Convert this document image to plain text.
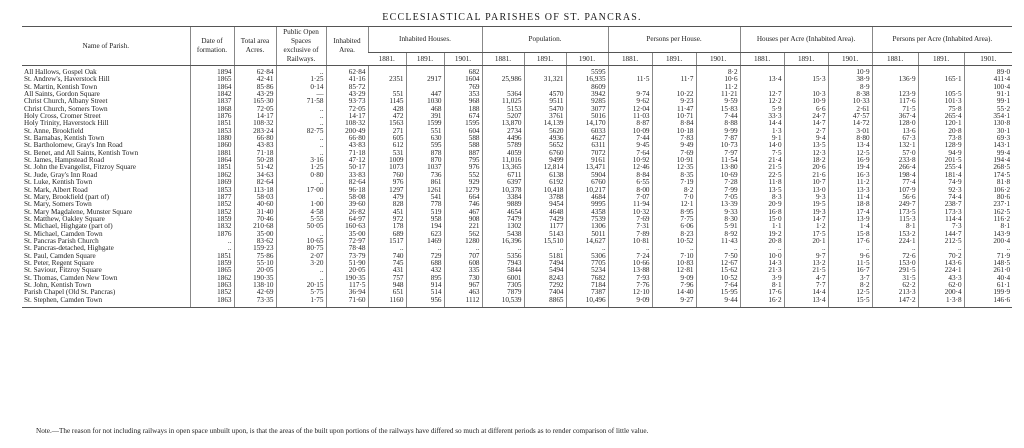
ECCLESIASTICAL PARISHES OF ST. PANCRAS.
Name of Parish.	Date of formation.	Total area Acres.	Public Open Spaces exclusive of Railways.	Inhabited Area.	Inhabited Houses.			Population.			Persons per House.			Houses per Acre (Inhabited Area).			Persons per Acre (Inhabited Area).		
					1881.	1891.	1901.	1881.	1891.	1901.	1881.	1891.	1901.	1881.	1891.	1901.	1881.	1891.	1901.
All Hallows, Gospel Oak	1894	62·84	..	62·84			682			5595			8·2			10·9			89·0
St. Andrew's, Haverstock Hill	1865	42·41	1·25	41·16	2351	2917	1604	25,986	31,321	16,935	11·5	11·7	10·6	13·4	15·3	38·9	136·9	165·1	411·4
St. Martin, Kentish Town	1864	85·86	0·14	85·72			769			8609			11·2			8·9			100·4
All Saints, Gordon Square	1842	43·29	—	43·29	551	447	353	5364	4570	3942	9·74	10·22	11·21	12·7	10·3	8·38	123·9	105·5	91·1
Christ Church, Albany Street	1837	165·30	71·58	93·73	1145	1030	968	11,025	9511	9285	9·62	9·23	9·59	12·2	10·9	10·33	117·6	101·3	99·1
Christ Church, Somers Town	1868	72·05	..	72·05	428	468	188	5153	5470	3077	12·04	11·47	15·83	5·9	6·6	2·61	71·5	75·8	55·2
Holy Cross, Cromer Street	1876	14·17	..	14·17	472	391	674	5207	3761	5016	11·03	10·71	7·44	33·3	24·7	47·57	367·4	265·4	354·1
Holy Trinity, Haverstock Hill	1851	108·32	..	108·32	1563	1599	1595	13,870	14,139	14,170	8·87	8·84	8·88	14·4	14·7	14·72	128·0	120·1	130·8
St. Anne, Brookfield	1853	283·24	82·75	200·49	271	551	604	2734	5620	6033	10·09	10·18	9·99	1·3	2·7	3·01	13·6	20·8	30·1
St. Barnabas, Kentish Town	1880	66·80	..	66·80	605	630	588	4496	4936	4627	7·44	7·83	7·87	9·1	9·4	8·80	67·3	73·8	69·3
St. Bartholomew, Gray's Inn Road	1860	43·83	..	43·83	612	595	588	5789	5652	6311	9·45	9·49	10·73	14·0	13·5	13·4	132·1	128·9	143·1
St. Benet, and All Saints, Kentish Town	1881	71·18	..	71·18	531	878	887	4059	6760	7072	7·64	7·69	7·97	7·5	12·3	12·5	57·0	94·9	99·4
St. James, Hampstead Road	1864	50·28	3·16	47·12	1009	870	795	11,016	9499	9161	10·92	10·91	11·54	21·4	18·2	16·9	233·8	201·5	194·4
St. John the Evangelist, Fitzroy Square	1851	51·42	1·25	50·17	1073	1037	976	13,365	12,814	13,471	12·46	12·35	13·80	21·5	20·6	19·4	266·4	255·4	268·5
St. Jude, Gray's Inn Road	1862	34·63	0·80	33·83	760	736	552	6711	6138	5904	8·84	8·35	10·69	22·5	21·6	16·3	198·4	181·4	174·5
St. Luke, Kentish Town	1869	82·64	..	82·64	976	861	929	6397	6192	6760	6·55	7·19	7·28	11·8	10·7	11·2	77·4	74·9	81·8
St. Mark, Albert Road	1853	113·18	17·00	96·18	1297	1261	1279	10,378	10,418	10,217	8·00	8·2	7·99	13·5	13·0	13·3	107·9	92·3	106·2
St. Mary, Brookfield (part of)	1877	58·03	..	58·08	479	541	664	3384	3788	4684	7·07	7·0	7·05	8·3	9·3	11·4	56·6	74·4	80·6
St. Mary, Somers Town	1852	40·60	1·00	39·60	828	778	746	9889	9454	9995	11·94	12·1	13·39	20·9	19·5	18·8	249·7	238·7	237·1
St. Mary Magdalene, Munster Square	1852	31·40	4·58	26·82	451	519	467	4654	4648	4358	10·32	8·95	9·33	16·8	19·3	17·4	173·5	173·3	162·5
St. Matthew, Oakley Square	1859	70·46	5·55	64·97	972	958	908	7479	7429	7539	7·69	7·75	8·30	15·0	14·7	13·9	115·3	114·4	116·2
St. Michael, Highgate (part of)	1832	210·68	50·05	160·63	178	194	221	1302	1177	1306	7·31	6·06	5·91	1·1	1·2	1·4	8·1	7·3	8·1
St. Michael, Camden Town	1876	35·00	..	35·00	689	623	562	5438	5143	5011	7·89	8·23	8·92	19·2	17·5	15·8	153·2	144·7	143·9
St. Pancras Parish Church	..	83·62	10·65	72·97	1517	1469	1280	16,396	15,510	14,627	10·81	10·52	11·43	20·8	20·1	17·6	224·1	212·5	200·4
St. Pancras-detached, Highgate	..	159·23	80·75	78·48	..	..	..	..	..	..	..	..	..	..	..	..	..	..	..
St. Paul, Camden Square	1851	75·86	2·07	73·79	740	729	707	5356	5181	5306	7·24	7·10	7·50	10·0	9·7	9·6	72·6	70·2	71·9
St. Peter, Regent Square	1859	55·10	3·20	51·90	745	688	608	7943	7494	7705	10·66	10·83	12·67	14·3	13·2	11·5	153·0	143·6	148·5
St. Saviour, Fitzroy Square	1865	20·05	..	20·05	431	432	335	5844	5494	5234	13·88	12·81	15·62	21·3	21·5	16·7	291·5	224·1	261·0
St. Thomas, Camden New Town	1862	190·35	..	190·35	757	895	730	6001	8243	7682	7·93	9·09	10·52	3·9	4·7	3·7	31·5	43·3	40·4
St. John, Kentish Town	1863	138·10	20·15	117·5	948	914	967	7305	7292	7184	7·76	7·96	7·64	8·1	7·7	8·2	62·2	62·0	61·1
Parish Chapel (Old St. Pancras)	1852	42·69	5·75	36·94	651	514	463	7879	7404	7387	12·10	14·40	15·95	17·6	14·4	12·5	213·3	200·4	199·9
St. Stephen, Camden Town	1863	73·35	1·75	71·60	1160	956	1112	10,539	8865	10,496	9·09	9·27	9·44	16·2	13·4	15·5	147·2	1·3·8	146·6
Note.—The reason for not including railways in open space unbuilt upon, is that the areas of the built upon portions of the railways have differed so much at different periods as to render comparison of little value.
